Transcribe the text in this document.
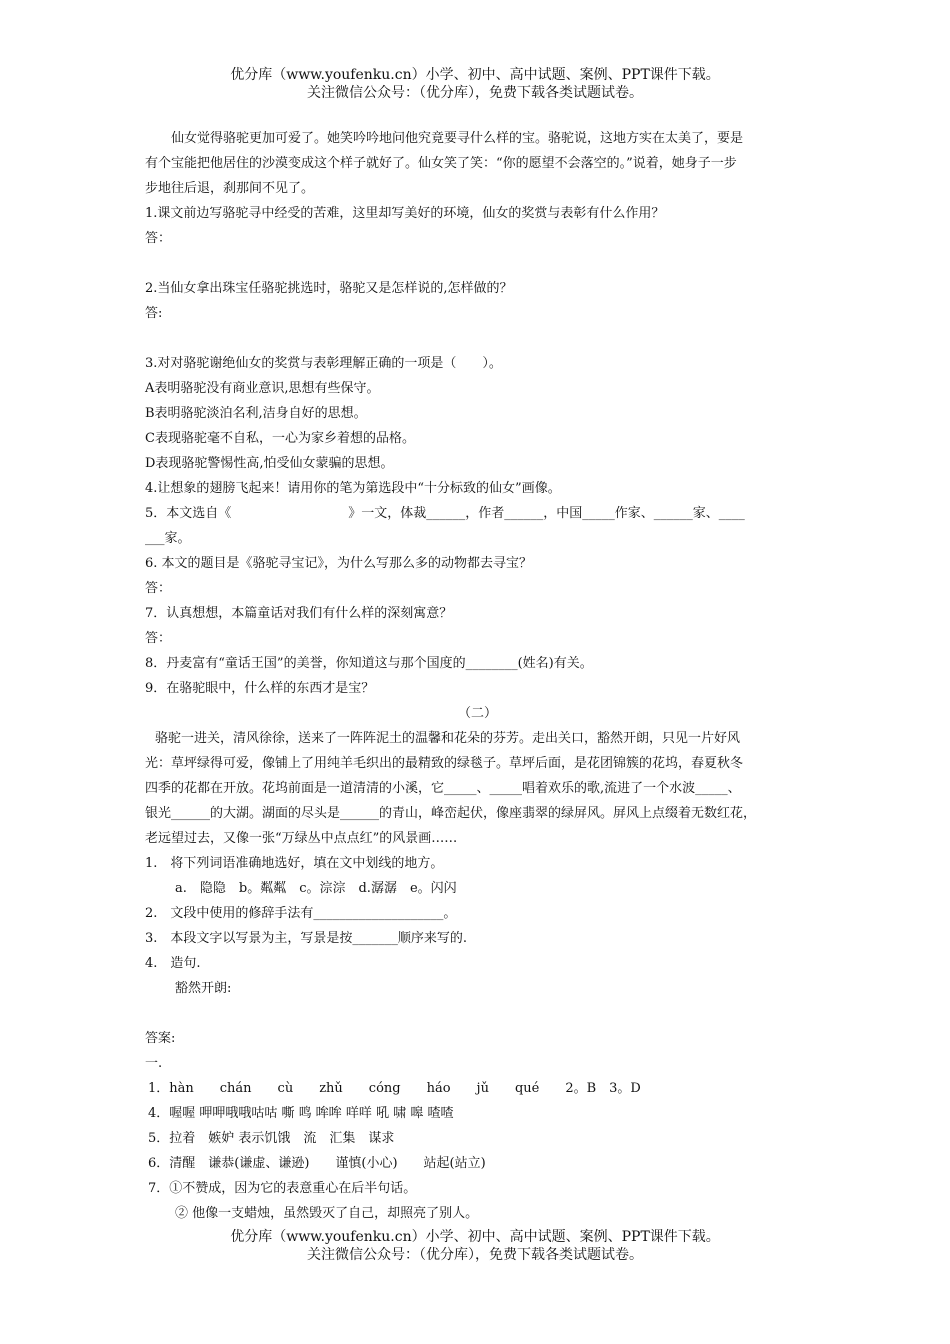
优分库（www.youfenku.cn）小学、初中、高中试题、案例、PPT课件下载。
关注微信公众号：（优分库），免费下载各类试题试卷。
仙女觉得骆驼更加可爱了。她笑吟吟地问他究竟要寻什么样的宝。骆驼说，这地方实在太美了，要是
有个宝能把他居住的沙漠变成这个样子就好了。仙女笑了笑：“你的愿望不会落空的。”说着，她身子一步
步地往后退，刹那间不见了。
1.课文前边写骆驼寻中经受的苦难，这里却写美好的环境，仙女的奖赏与表彰有什么作用？
答：
2.当仙女拿出珠宝任骆驼挑选时，骆驼又是怎样说的,怎样做的？
答:
3.对对骆驼谢绝仙女的奖赏与表彰理解正确的一项是（　　）。
A表明骆驼没有商业意识,思想有些保守。
B表明骆驼淡泊名利,洁身自好的思想。
C表现骆驼毫不自私，一心为家乡着想的品格。
D表现骆驼警惕性高,怕受仙女蒙骗的思想。
4.让想象的翅膀飞起来！请用你的笔为第选段中“十分标致的仙女”画像。
5．本文选自《　　　　　　　　　》一文，体裁______，作者______，中国_____作家、______家、____
___家。
6. 本文的题目是《骆驼寻宝记》，为什么写那么多的动物都去寻宝？
答：
7．认真想想，本篇童话对我们有什么样的深刻寓意？
答：
8．丹麦富有“童话王国”的美誉，你知道这与那个国度的________(姓名)有关。
9．在骆驼眼中，什么样的东西才是宝？
（二）
骆驼一进关，清风徐徐，送来了一阵阵泥土的温馨和花朵的芬芳。走出关口，豁然开朗，只见一片好风
光：草坪绿得可爱，像铺上了用纯羊毛织出的最精致的绿毯子。草坪后面，是花团锦簇的花坞，春夏秋冬
四季的花都在开放。花坞前面是一道清清的小溪，它_____、_____唱着欢乐的歌,流进了一个水波_____、
银光______的大湖。湖面的尽头是______的青山，峰峦起伏，像座翡翠的绿屏风。屏风上点缀着无数红花，
老远望过去，又像一张“万绿丛中点点红”的风景画……
1.　将下列词语准确地选好，填在文中划线的地方。
a.　隐隐　b。粼粼　c。淙淙　d.潺潺　e。闪闪
2.　文段中使用的修辞手法有____________________。
3.　本段文字以写景为主，写景是按_______顺序来写的.
4.　造句.
豁然开朗:
答案:
一.
1．hàn　　chán　　cù　　zhǔ　　cóng　　háo　　jǔ　　qué　　2。B　3。D
4．喔喔 呷呷哦哦咕咕 嘶 鸣 哞哞 咩咩 吼 啸 嗥 喳喳
5．拉着　嫉妒 表示饥饿　流　汇集　谋求
6．清醒　谦恭(谦虚、谦逊)　　谨慎(小心)　　站起(站立)
7．①不赞成，因为它的表意重心在后半句话。
② 他像一支蜡烛，虽然毁灭了自己，却照亮了别人。
优分库（www.youfenku.cn）小学、初中、高中试题、案例、PPT课件下载。
关注微信公众号：（优分库），免费下载各类试题试卷。
